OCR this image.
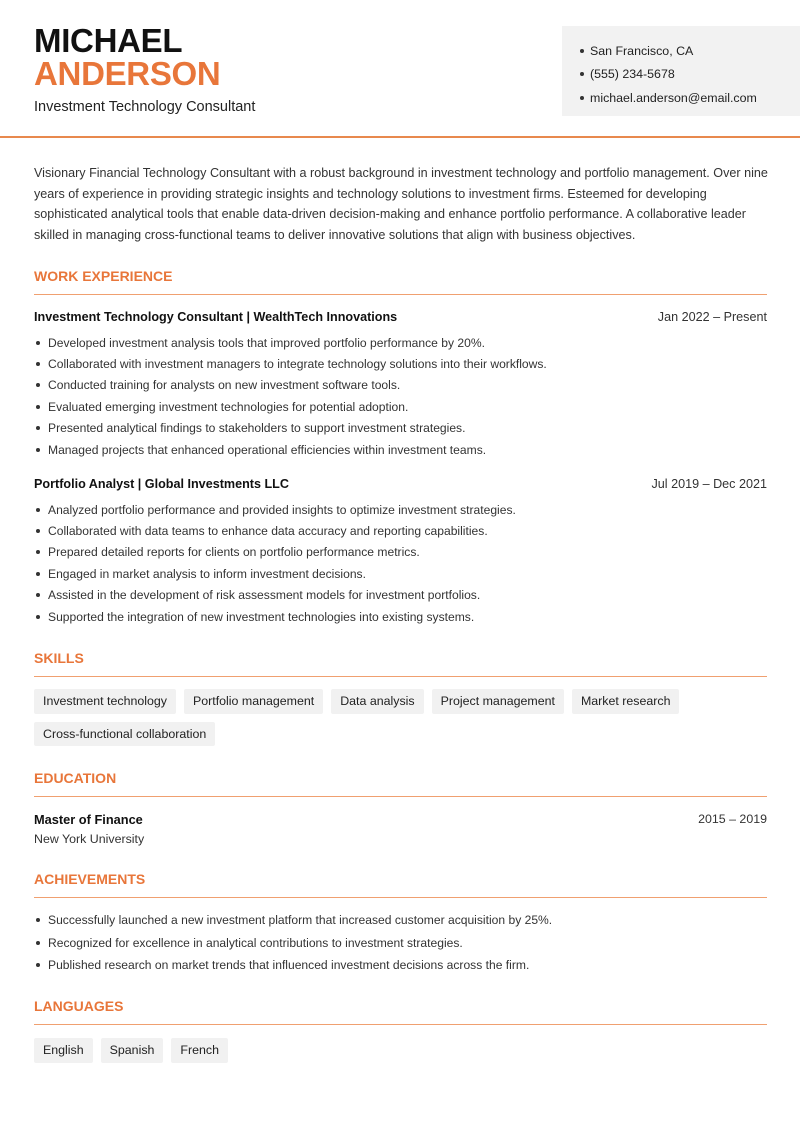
MICHAEL
ANDERSON
Investment Technology Consultant
San Francisco, CA
(555) 234-5678
michael.anderson@email.com

Visionary Financial Technology Consultant with a robust background in investment technology and portfolio management. Over nine years of experience in providing strategic insights and technology solutions to investment firms. Esteemed for developing sophisticated analytical tools that enable data-driven decision-making and enhance portfolio performance. A collaborative leader skilled in managing cross-functional teams to deliver innovative solutions that align with business objectives.

WORK EXPERIENCE
Investment Technology Consultant | WealthTech Innovations	Jan 2022 – Present
Developed investment analysis tools that improved portfolio performance by 20%.
Collaborated with investment managers to integrate technology solutions into their workflows.
Conducted training for analysts on new investment software tools.
Evaluated emerging investment technologies for potential adoption.
Presented analytical findings to stakeholders to support investment strategies.
Managed projects that enhanced operational efficiencies within investment teams.
Portfolio Analyst | Global Investments LLC	Jul 2019 – Dec 2021
Analyzed portfolio performance and provided insights to optimize investment strategies.
Collaborated with data teams to enhance data accuracy and reporting capabilities.
Prepared detailed reports for clients on portfolio performance metrics.
Engaged in market analysis to inform investment decisions.
Assisted in the development of risk assessment models for investment portfolios.
Supported the integration of new investment technologies into existing systems.
SKILLS
Investment technology	Portfolio management	Data analysis	Project management	Market research
Cross-functional collaboration
EDUCATION
Master of Finance
New York University
2015 – 2019
ACHIEVEMENTS
Successfully launched a new investment platform that increased customer acquisition by 25%.
Recognized for excellence in analytical contributions to investment strategies.
Published research on market trends that influenced investment decisions across the firm.
LANGUAGES
English	Spanish	French
